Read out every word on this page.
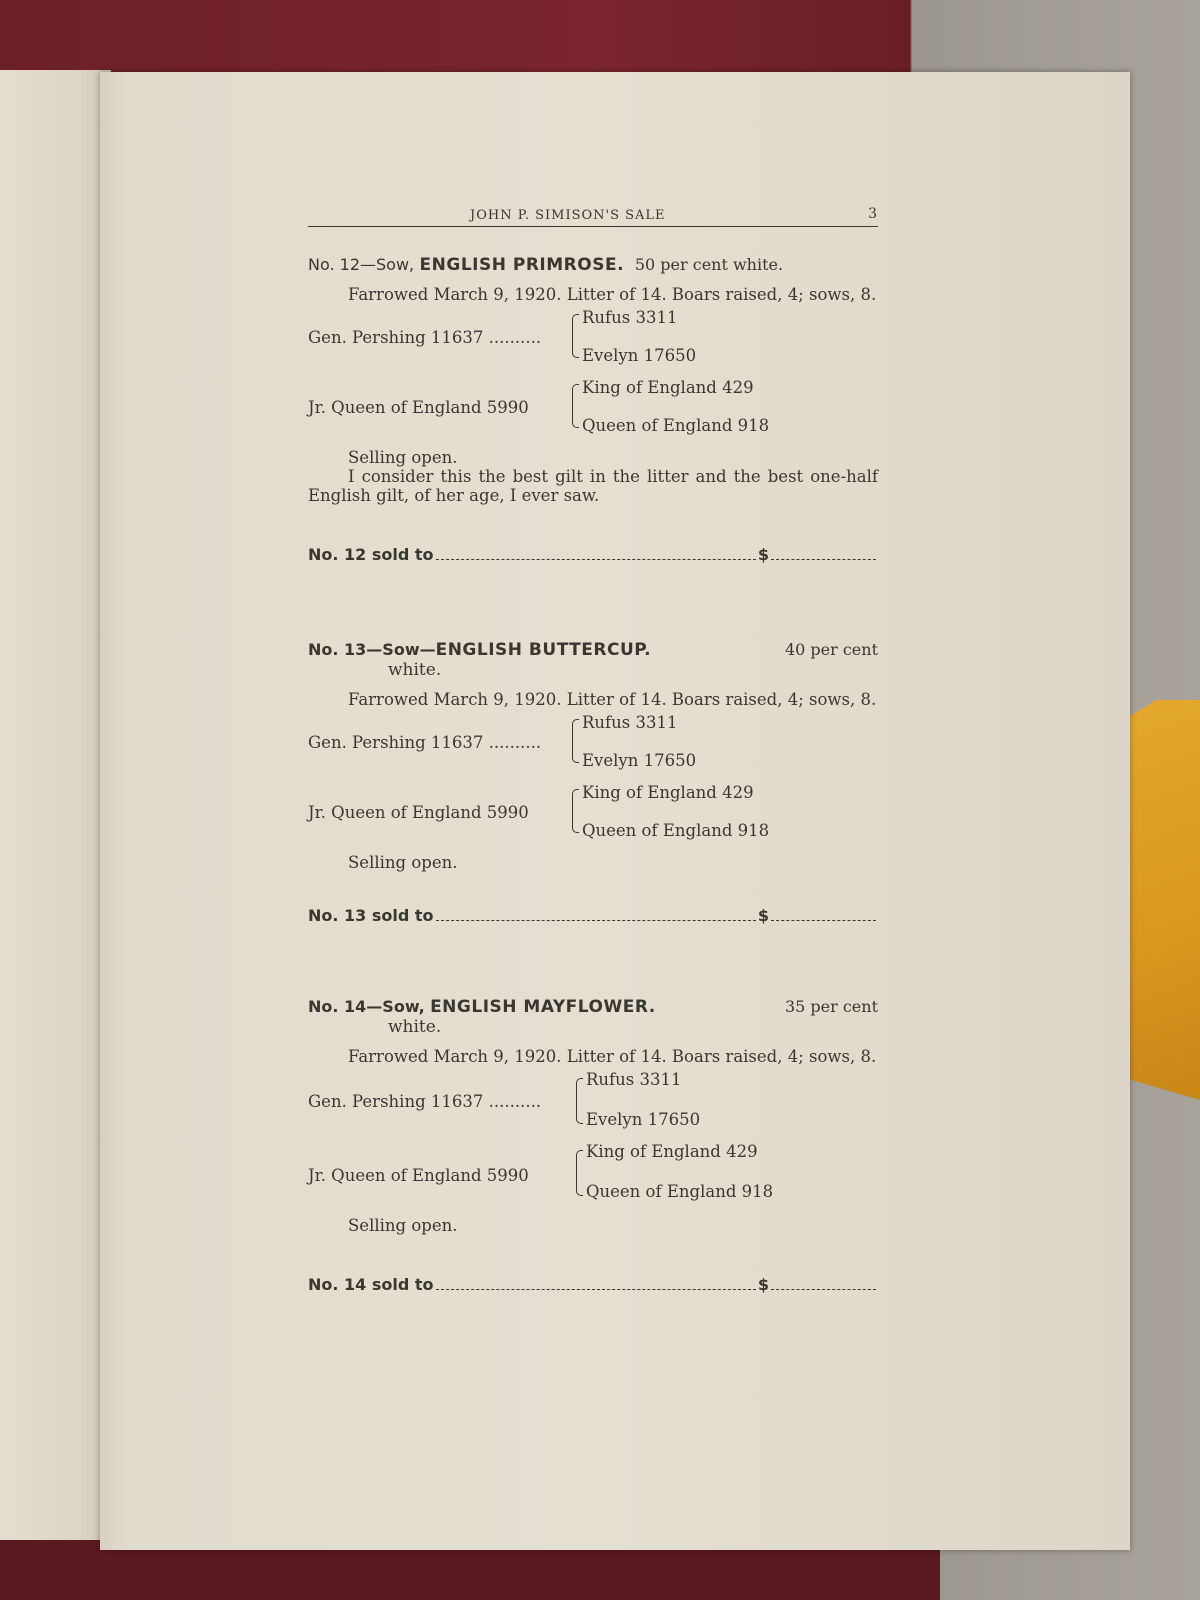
JOHN P. SIMISON'S SALE	3

No. 12—Sow, ENGLISH PRIMROSE. 50 per cent white.

Farrowed March 9, 1920. Litter of 14. Boars raised, 4; sows, 8.

Gen. Pershing 11637 ..........
Rufus 3311
Evelyn 17650
Jr. Queen of England 5990
King of England 429
Queen of England 918
Selling open.

I consider this the best gilt in the litter and the best one-half English gilt, of her age, I ever saw.

No. 12 sold to	$

No. 13—Sow—ENGLISH BUTTERCUP.	40 per cent
white.

Farrowed March 9, 1920. Litter of 14. Boars raised, 4; sows, 8.

Gen. Pershing 11637 ..........
Rufus 3311
Evelyn 17650
Jr. Queen of England 5990
King of England 429
Queen of England 918
Selling open.
No. 13 sold to	$

No. 14—Sow, ENGLISH MAYFLOWER.	35 per cent
white.

Farrowed March 9, 1920. Litter of 14. Boars raised, 4; sows, 8.

Gen. Pershing 11637 ..........
Rufus 3311
Evelyn 17650
Jr. Queen of England 5990
King of England 429
Queen of England 918
Selling open.
No. 14 sold to	$
